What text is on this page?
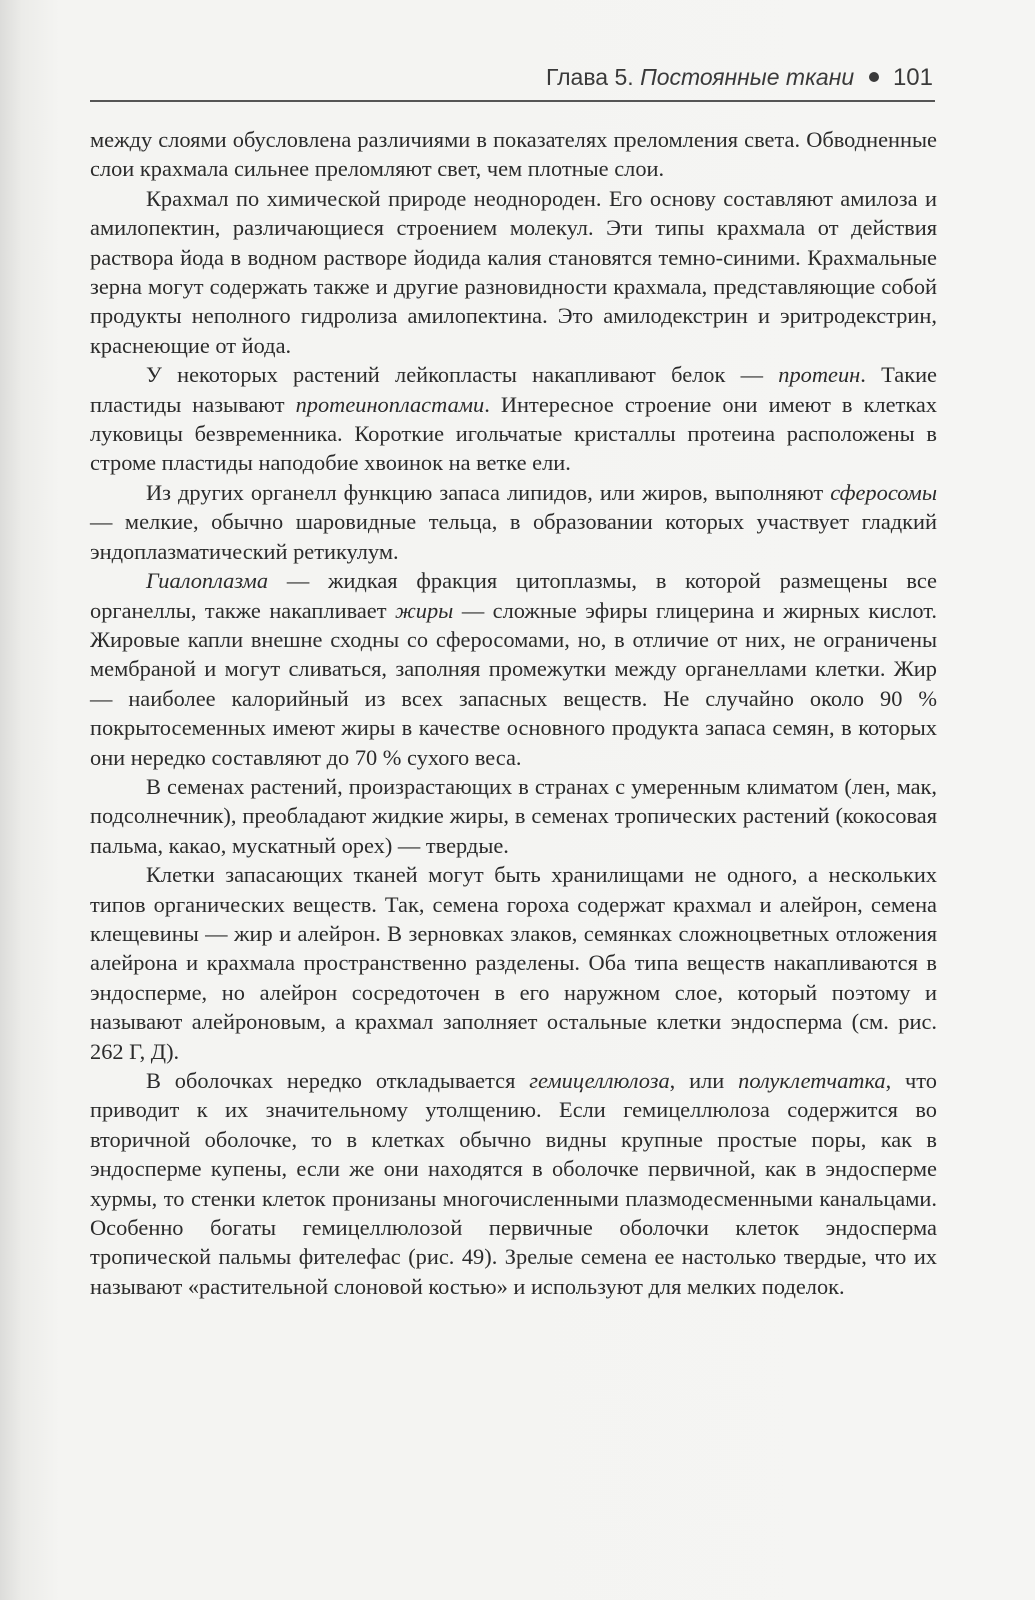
Глава 5. Постоянные ткани 101

между слоями обусловлена различиями в показателях преломления света. Обводненные слои крахмала сильнее преломляют свет, чем плотные слои.

Крахмал по химической природе неоднороден. Его основу составляют амилоза и амилопектин, различающиеся строением молекул. Эти типы крахмала от действия раствора йода в водном растворе йодида калия становятся темно-синими. Крахмальные зерна могут содержать также и другие разновидности крахмала, представляющие собой продукты неполного гидролиза амилопектина. Это амилодекстрин и эритродекстрин, краснеющие от йода.

У некоторых растений лейкопласты накапливают белок — протеин. Такие пластиды называют протеинопластами. Интересное строение они имеют в клетках луковицы безвременника. Короткие игольчатые кристаллы протеина расположены в строме пластиды наподобие хвоинок на ветке ели.

Из других органелл функцию запаса липидов, или жиров, выполняют сферосомы — мелкие, обычно шаровидные тельца, в образовании которых участвует гладкий эндоплазматический ретикулум.

Гиалоплазма — жидкая фракция цитоплазмы, в которой размещены все органеллы, также накапливает жиры — сложные эфиры глицерина и жирных кислот. Жировые капли внешне сходны со сферосомами, но, в отличие от них, не ограничены мембраной и могут сливаться, заполняя промежутки между органеллами клетки. Жир — наиболее калорийный из всех запасных веществ. Не случайно около 90 % покрытосеменных имеют жиры в качестве основного продукта запаса семян, в которых они нередко составляют до 70 % сухого веса.

В семенах растений, произрастающих в странах с умеренным климатом (лен, мак, подсолнечник), преобладают жидкие жиры, в семенах тропических растений (кокосовая пальма, какао, мускатный орех) — твердые.

Клетки запасающих тканей могут быть хранилищами не одного, а нескольких типов органических веществ. Так, семена гороха содержат крахмал и алейрон, семена клещевины — жир и алейрон. В зерновках злаков, семянках сложноцветных отложения алейрона и крахмала пространственно разделены. Оба типа веществ накапливаются в эндосперме, но алейрон сосредоточен в его наружном слое, который поэтому и называют алейроновым, а крахмал заполняет остальные клетки эндосперма (см. рис. 262 Г, Д).

В оболочках нередко откладывается гемицеллюлоза, или полуклетчатка, что приводит к их значительному утолщению. Если гемицеллюлоза содержится во вторичной оболочке, то в клетках обычно видны крупные простые поры, как в эндосперме купены, если же они находятся в оболочке первичной, как в эндосперме хурмы, то стенки клеток пронизаны многочисленными плазмодесменными канальцами. Особенно богаты гемицеллюлозой первичные оболочки клеток эндосперма тропической пальмы фителефас (рис. 49). Зрелые семена ее настолько твердые, что их называют «растительной слоновой костью» и используют для мелких поделок.
